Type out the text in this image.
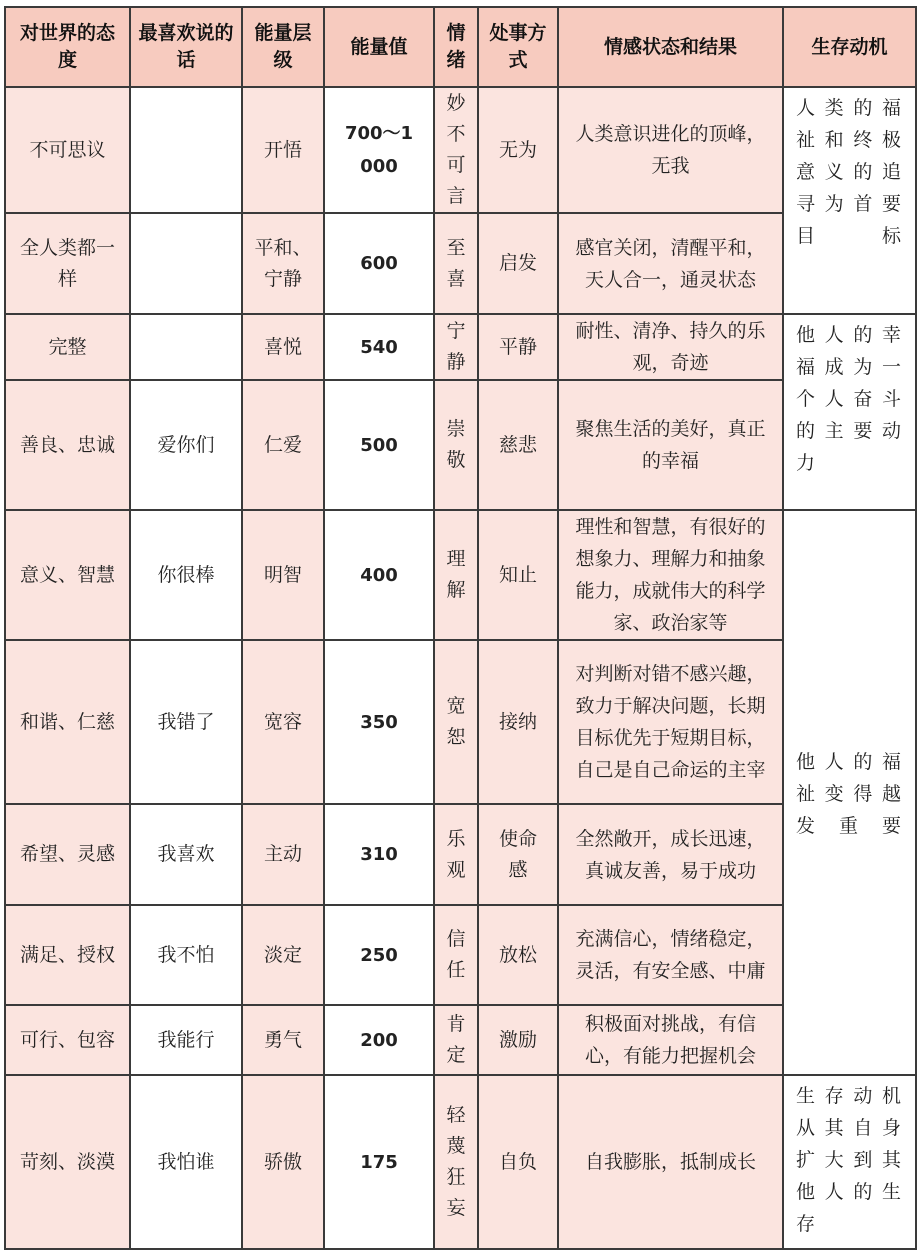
对世界的态度	最喜欢说的话	能量层级	能量值	情绪	处事方式	情感状态和结果	生存动机
不可思议		开悟	700～1000	妙不可言	无为	人类意识进化的顶峰，无我	人类的福祉和终极意义的追寻为首要目标
全人类都一样		平和、宁静	600	至喜	启发	感官关闭，清醒平和，天人合一，通灵状态	
完整		喜悦	540	宁静	平静	耐性、清净、持久的乐观，奇迹	他人的幸福成为一个人奋斗的主要动力
善良、忠诚	爱你们	仁爱	500	崇敬	慈悲	聚焦生活的美好，真正的幸福	
意义、智慧	你很棒	明智	400	理解	知止	理性和智慧，有很好的想象力、理解力和抽象能力，成就伟大的科学家、政治家等	他人的福祉变得越发重要
和谐、仁慈	我错了	宽容	350	宽恕	接纳	对判断对错不感兴趣，致力于解决问题，长期目标优先于短期目标，自己是自己命运的主宰	
希望、灵感	我喜欢	主动	310	乐观	使命感	全然敞开，成长迅速，真诚友善，易于成功	
满足、授权	我不怕	淡定	250	信任	放松	充满信心，情绪稳定，灵活，有安全感、中庸	
可行、包容	我能行	勇气	200	肯定	激励	积极面对挑战，有信心，有能力把握机会	
苛刻、淡漠	我怕谁	骄傲	175	轻蔑狂妄	自负	自我膨胀，抵制成长	生存动机从其自身扩大到其他人的生存
